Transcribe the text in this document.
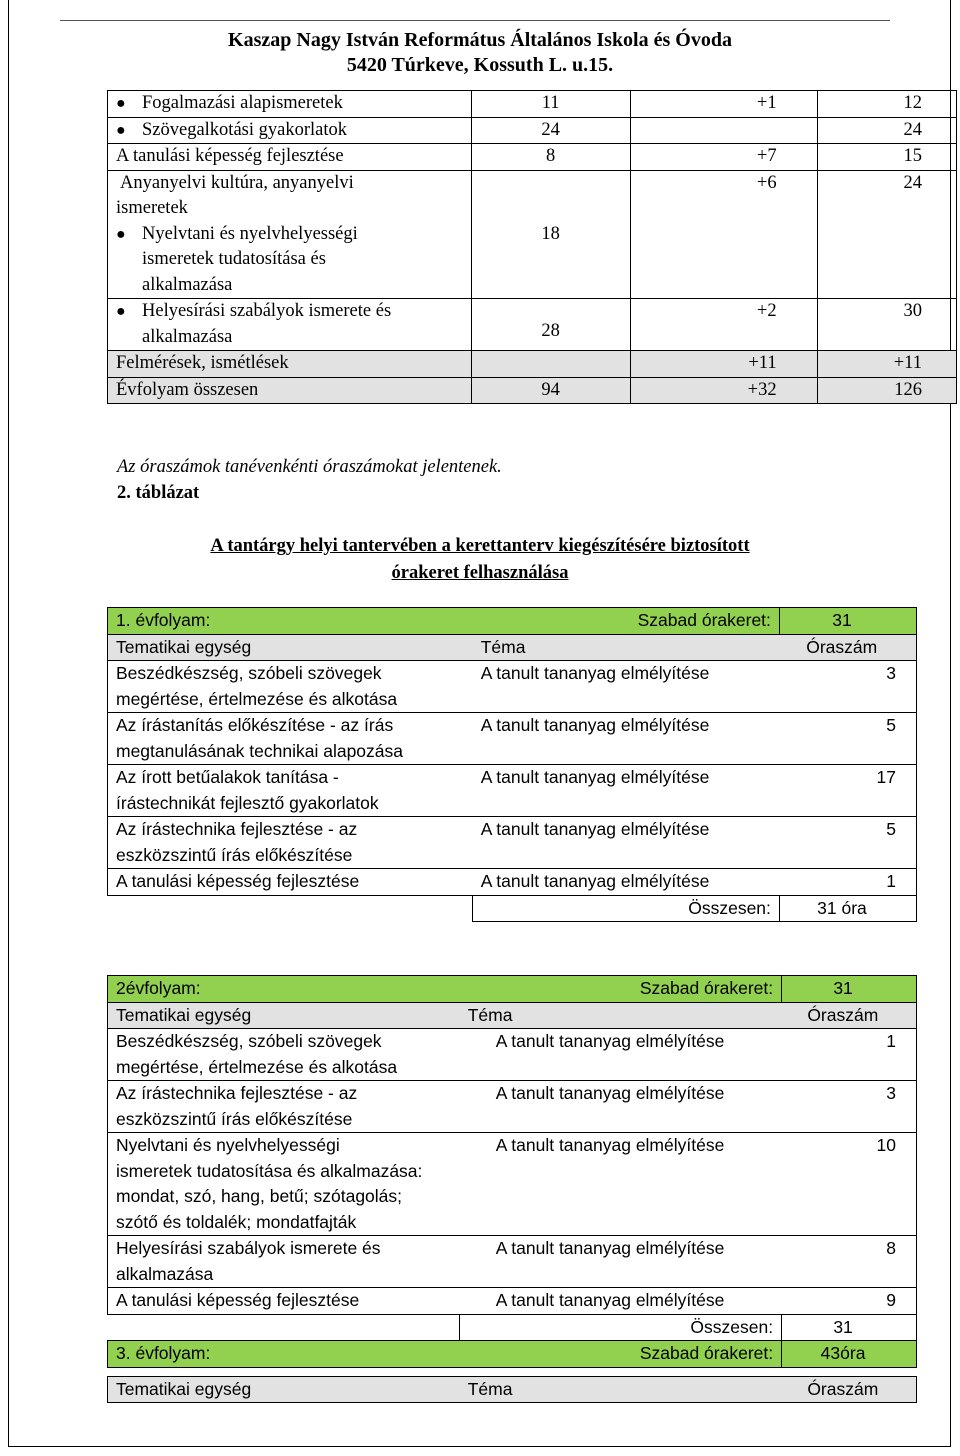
Kaszap Nagy István Református Általános Iskola és Óvoda
5420 Túrkeve, Kossuth L. u.15.
● Fogalmazási alapismeretek	11	+1	12
● Szövegalkotási gyakorlatok	24		24
A tanulási képesség fejlesztése	8	+7	15

Anyanyelvi kultúra, anyanyelvi
ismeretek
● Nyelvtani és nyelvhelyességi
ismeretek tudatosítása és
alkalmazása	18	+6	24

● Helyesírási szabályok ismerete és
alkalmazása	28	+2	30
Felmérések, ismétlések		+11	+11
Évfolyam összesen	94	+32	126
Az óraszámok tanévenkénti óraszámokat jelentenek.
2. táblázat
A tantárgy helyi tantervében a kerettanterv kiegészítésére biztosított
órakeret felhasználása
1. évfolyam:	Szabad órakeret:	31
Tematikai egység	Téma	Óraszám

Beszédkészség, szóbeli szövegek
megértése, értelmezése és alkotása	A tanult tananyag elmélyítése	3

Az írástanítás előkészítése - az írás
megtanulásának technikai alapozása	A tanult tananyag elmélyítése	5

Az írott betűalakok tanítása -
írástechnikát fejlesztő gyakorlatok	A tanult tananyag elmélyítése	17

Az írástechnika fejlesztése - az
eszközszintű írás előkészítése	A tanult tananyag elmélyítése	5
A tanulási képesség fejlesztése	A tanult tananyag elmélyítése	1
	Összesen:	31 óra
2évfolyam:	Szabad órakeret:	31
Tematikai egység	Téma	Óraszám

Beszédkészség, szóbeli szövegek
megértése, értelmezése és alkotása	A tanult tananyag elmélyítése	1

Az írástechnika fejlesztése - az
eszközszintű írás előkészítése	A tanult tananyag elmélyítése	3

Nyelvtani és nyelvhelyességi
ismeretek tudatosítása és alkalmazása:
mondat, szó, hang, betű; szótagolás;
szótő és toldalék; mondatfajták	A tanult tananyag elmélyítése	10

Helyesírási szabályok ismerete és
alkalmazása	A tanult tananyag elmélyítése	8
A tanulási képesség fejlesztése	A tanult tananyag elmélyítése	9
	Összesen:	31
3. évfolyam:	Szabad órakeret:	43óra

Tematikai egység	Téma	Óraszám
